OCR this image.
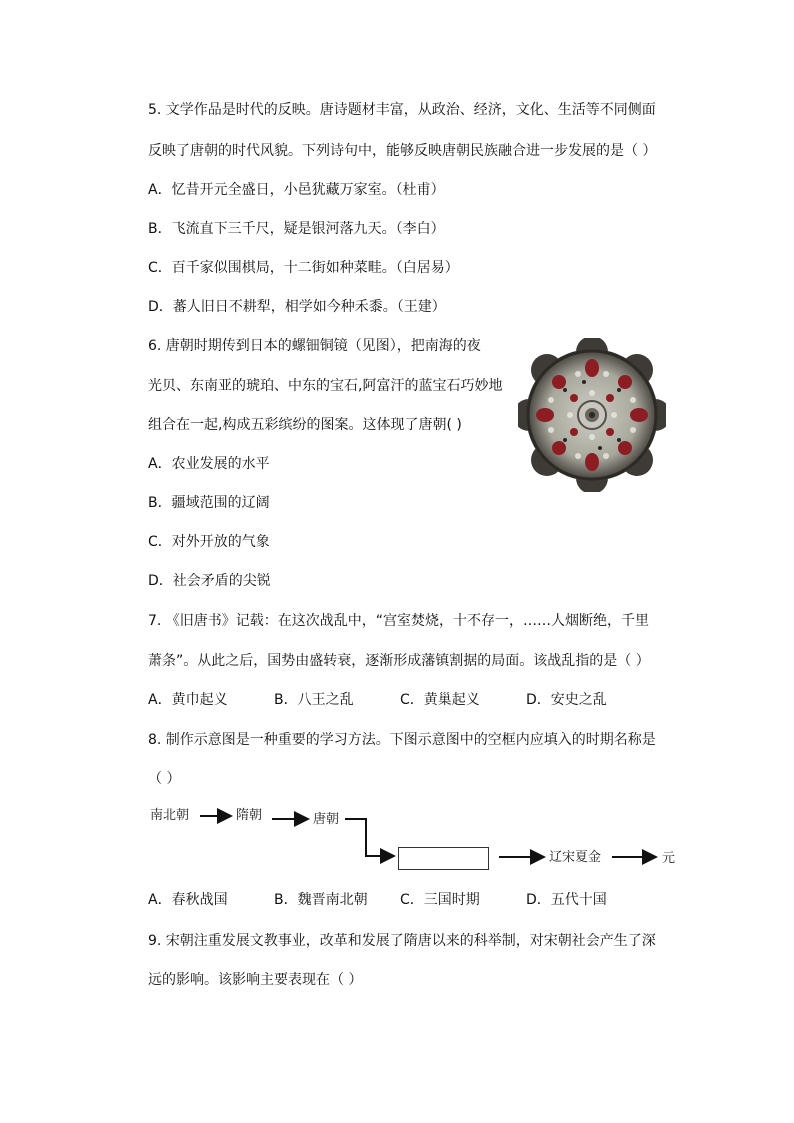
5. 文学作品是时代的反映。唐诗题材丰富，从政治、经济，文化、生活等不同侧面
反映了唐朝的时代风貌。下列诗句中，能够反映唐朝民族融合进一步发展的是（ ）
A．忆昔开元全盛日，小邑犹藏万家室。（杜甫）
B．飞流直下三千尺，疑是银河落九天。（李白）
C．百千家似围棋局，十二街如种菜畦。（白居易）
D．蕃人旧日不耕犁，相学如今种禾黍。（王建）
6. 唐朝时期传到日本的螺钿铜镜（见图），把南海的夜
光贝、东南亚的琥珀、中东的宝石,阿富汗的蓝宝石巧妙地
组合在一起,构成五彩缤纷的图案。这体现了唐朝( )
A．农业发展的水平
B．疆域范围的辽阔
C．对外开放的气象
D．社会矛盾的尖锐
7. 《旧唐书》记载：在这次战乱中，“宫室焚烧，十不存一，……人烟断绝，千里
萧条”。从此之后，国势由盛转衰，逐渐形成藩镇割据的局面。该战乱指的是（ ）
A．黄巾起义	B．八王之乱	C．黄巢起义	D．安史之乱
8. 制作示意图是一种重要的学习方法。下图示意图中的空框内应填入的时期名称是
（ ）
南北朝	隋朝	唐朝
辽宋夏金	元
A．春秋战国	B．魏晋南北朝 C．三国时期	D．五代十国
9. 宋朝注重发展文教事业，改革和发展了隋唐以来的科举制，对宋朝社会产生了深
远的影响。该影响主要表现在（ ）
